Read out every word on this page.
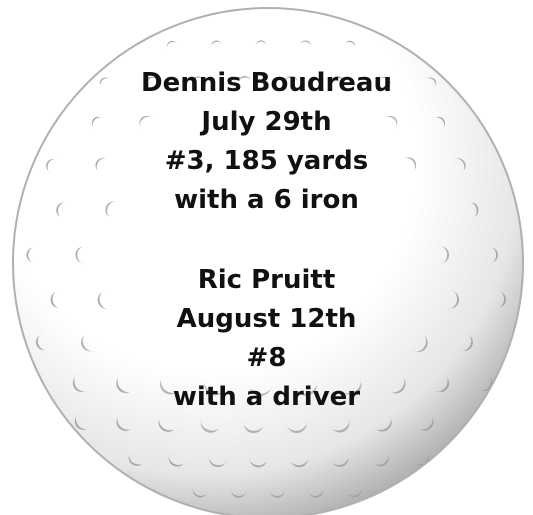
Dennis Boudreau
July 29th
#3, 185 yards
with a 6 iron
Ric Pruitt
August 12th
#8
with a driver
